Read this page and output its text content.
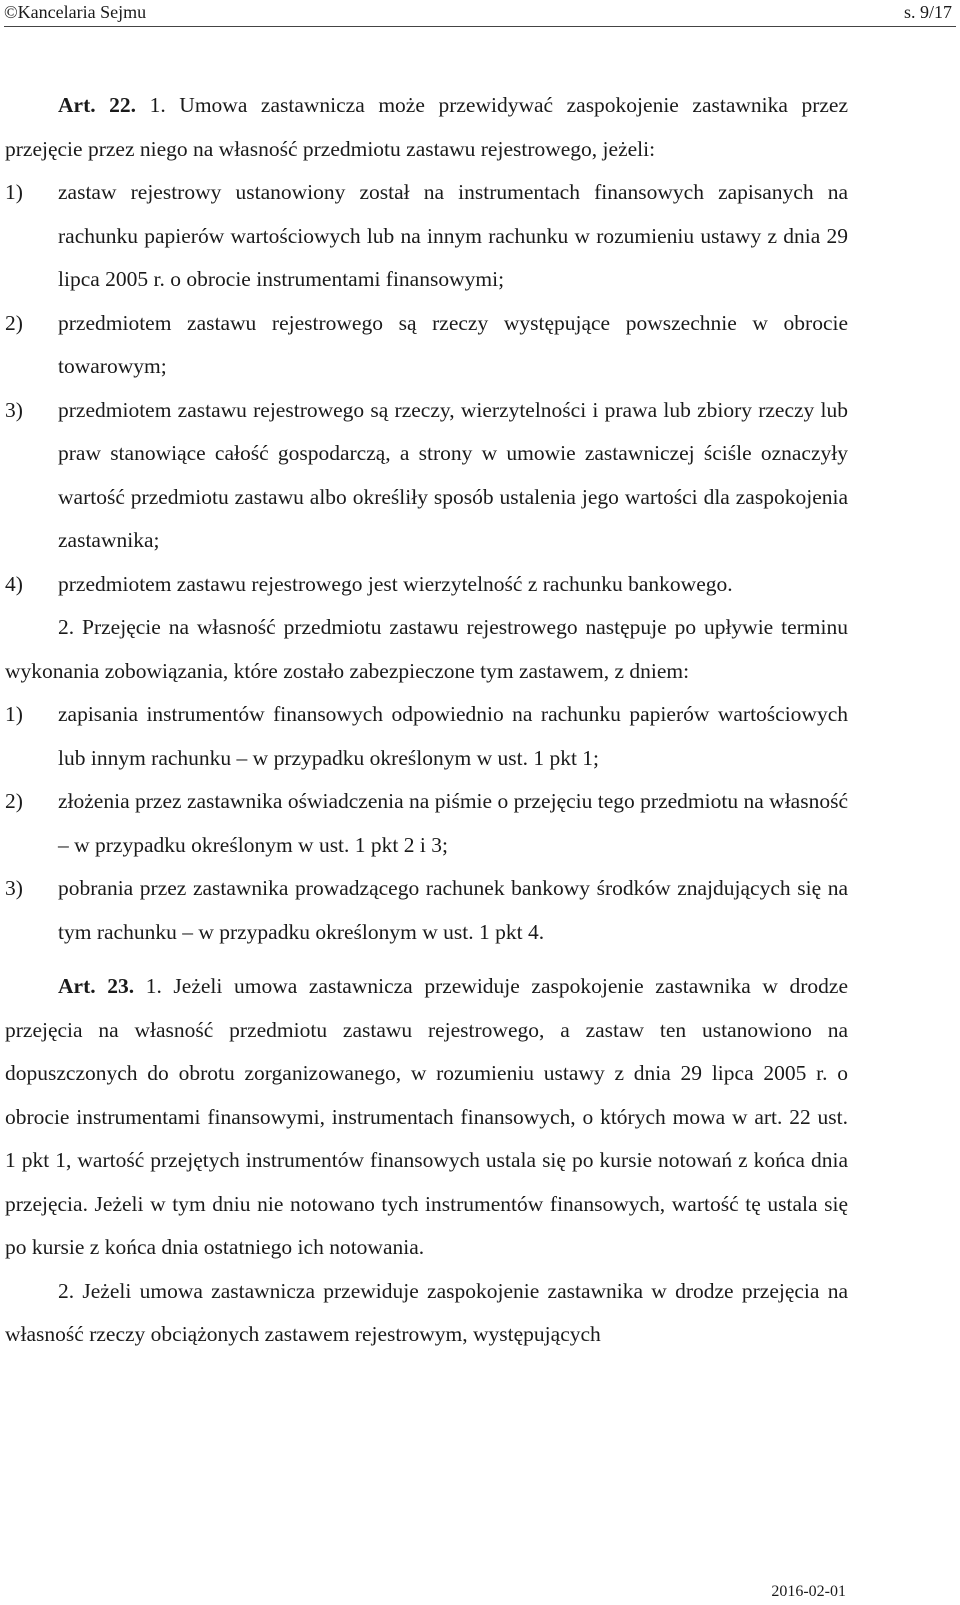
©Kancelaria Sejmu	s. 9/17

Art. 22. 1. Umowa zastawnicza może przewidywać zaspokojenie zastawnika przez przejęcie przez niego na własność przedmiotu zastawu rejestrowego, jeżeli:

1) zastaw rejestrowy ustanowiony został na instrumentach finansowych zapisanych na rachunku papierów wartościowych lub na innym rachunku w rozumieniu ustawy z dnia 29 lipca 2005 r. o obrocie instrumentami finansowymi;
2) przedmiotem zastawu rejestrowego są rzeczy występujące powszechnie w obrocie towarowym;
3) przedmiotem zastawu rejestrowego są rzeczy, wierzytelności i prawa lub zbiory rzeczy lub praw stanowiące całość gospodarczą, a strony w umowie zastawniczej ściśle oznaczyły wartość przedmiotu zastawu albo określiły sposób ustalenia jego wartości dla zaspokojenia zastawnika;
4) przedmiotem zastawu rejestrowego jest wierzytelność z rachunku bankowego.

2. Przejęcie na własność przedmiotu zastawu rejestrowego następuje po upływie terminu wykonania zobowiązania, które zostało zabezpieczone tym zastawem, z dniem:

1) zapisania instrumentów finansowych odpowiednio na rachunku papierów wartościowych lub innym rachunku – w przypadku określonym w ust. 1 pkt 1;
2) złożenia przez zastawnika oświadczenia na piśmie o przejęciu tego przedmiotu na własność – w przypadku określonym w ust. 1 pkt 2 i 3;
3) pobrania przez zastawnika prowadzącego rachunek bankowy środków znajdujących się na tym rachunku – w przypadku określonym w ust. 1 pkt 4.

Art. 23. 1. Jeżeli umowa zastawnicza przewiduje zaspokojenie zastawnika w drodze przejęcia na własność przedmiotu zastawu rejestrowego, a zastaw ten ustanowiono na dopuszczonych do obrotu zorganizowanego, w rozumieniu ustawy z dnia 29 lipca 2005 r. o obrocie instrumentami finansowymi, instrumentach finansowych, o których mowa w art. 22 ust. 1 pkt 1, wartość przejętych instrumentów finansowych ustala się po kursie notowań z końca dnia przejęcia. Jeżeli w tym dniu nie notowano tych instrumentów finansowych, wartość tę ustala się po kursie z końca dnia ostatniego ich notowania.

2. Jeżeli umowa zastawnicza przewiduje zaspokojenie zastawnika w drodze przejęcia na własność rzeczy obciążonych zastawem rejestrowym, występujących

2016-02-01
